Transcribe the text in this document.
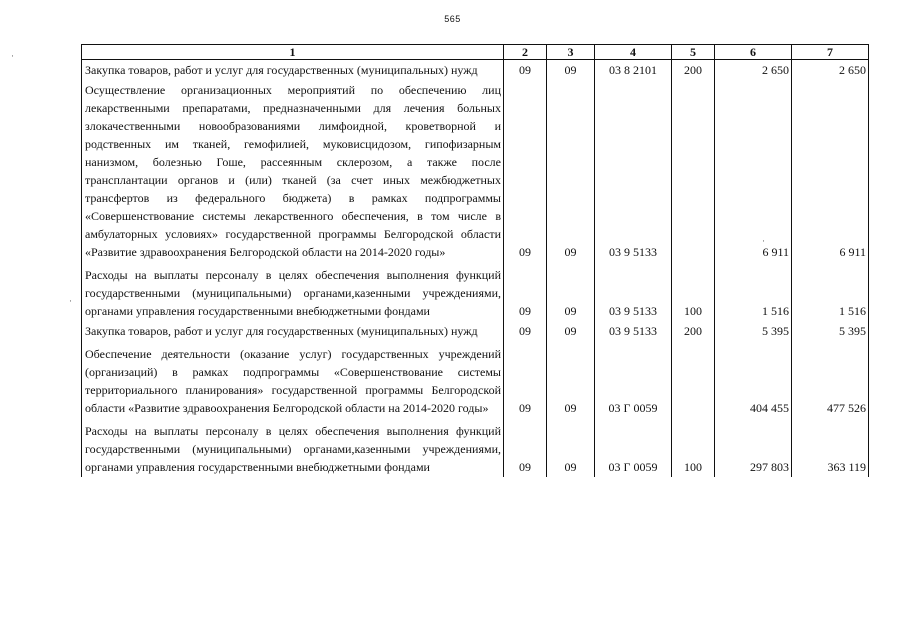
565
1	2	3	4	5	6	7
Закупка товаров, работ и услуг для государственных (муниципальных) нужд	09	09	03 8 2101	200	2 650	2 650
Осуществление организационных мероприятий по обеспечению лиц лекарственными препаратами, предназначенными для лечения больных злокачественными новообразованиями лимфоидной, кроветворной и родственных им тканей, гемофилией, муковисцидозом, гипофизарным нанизмом, болезнью Гоше, рассеянным склерозом, а также после трансплантации органов и (или) тканей (за счет иных межбюджетных трансфертов из федерального бюджета) в рамках подпрограммы «Совершенствование системы лекарственного обеспечения, в том числе в амбулаторных условиях» государственной программы Белгородской области «Развитие здравоохранения Белгородской области на 2014-2020 годы»	09	09	03 9 5133		6 911	6 911
Расходы на выплаты персоналу в целях обеспечения выполнения функций государственными (муниципальными) органами,казенными учреждениями, органами управления государственными внебюджетными фондами	09	09	03 9 5133	100	1 516	1 516
Закупка товаров, работ и услуг для государственных (муниципальных) нужд	09	09	03 9 5133	200	5 395	5 395
Обеспечение деятельности (оказание услуг) государственных учреждений (организаций) в рамках подпрограммы «Совершенствование системы территориального планирования» государственной программы Белгородской области «Развитие здравоохранения Белгородской области на 2014-2020 годы»	09	09	03 Г 0059		404 455	477 526
Расходы на выплаты персоналу в целях обеспечения выполнения функций государственными (муниципальными) органами,казенными учреждениями, органами управления государственными внебюджетными фондами	09	09	03 Г 0059	100	297 803	363 119
·
·
·
